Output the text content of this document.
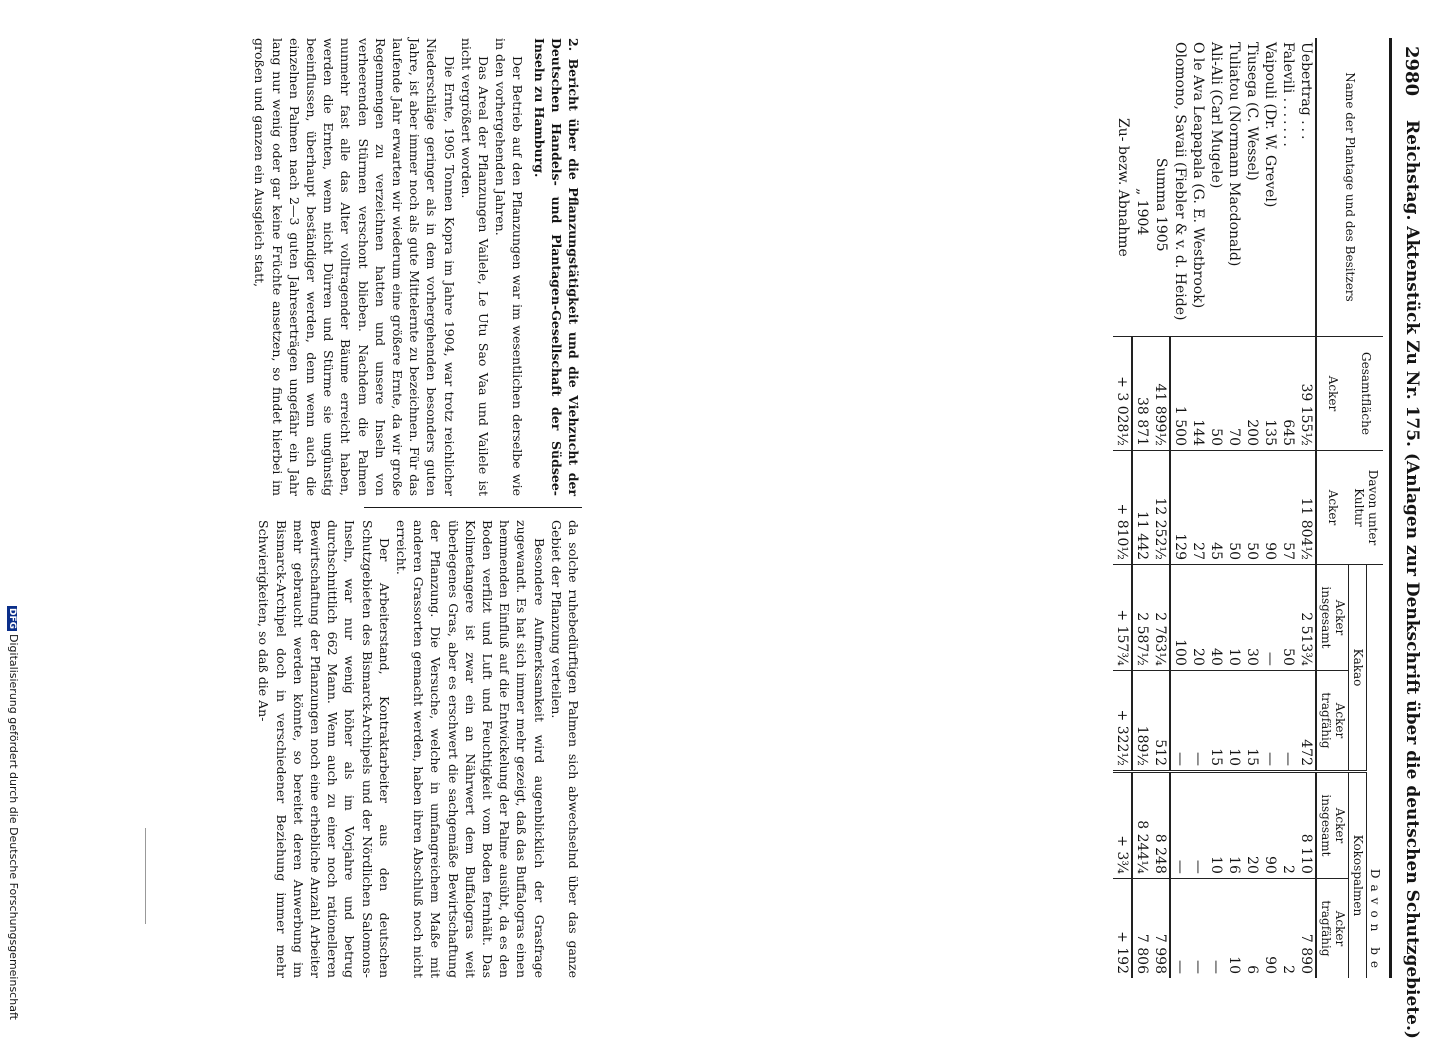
2980
Reichstag. Aktenstück Zu Nr. 175. (Anlagen zur Denkschrift über die deutschen Schutzgebiete.)
Name der Plantage und des Besitzers	Gesamtfläche	Davon unter Kultur	Davon be			
			Kakao		Kokospalmen	
	Acker	Acker	Acker insgesamt	Acker tragfähig	Acker insgesamt	Acker tragfähig
Uebertrag ...	39 155½	11 804½	2 513¾	472	8 110	7 890
Falevili .......	645	57	50	—	2	2
Vaipouli (Dr. W. Grevel)	135	90	—	—	90	90
Tiusega (C. Wessel)	200	50	30	15	20	6
Tuliatou (Normann Macdonald)	70	50	10	10	16	10
Ali-Ali (Carl Mugele)	50	45	40	15	10	—
O le Ava Leapapala (G. E. Westbrook)	144	27	20	—	—	—
Olomono, Savaii (Fiebler & v. d. Heide)	1 500	129	100	—	—	—
Summa 1905	41 899½	12 252½	2 763¼	512	8 248	7 998
„ 1904	38 871	11 442	2 587½	189½	8 244¼	7 806
Zu- bezw. Abnahme	+ 3 028½	+ 810½	+ 157¾	+ 322½	+ 3¾	+ 192
2. Bericht über die Pflanzungstätigkeit und die Viehzucht der Deutschen Handels- und Plantagen-Gesellschaft der Südsee-Inseln zu Hamburg.

Der Betrieb auf den Pflanzungen war im wesentlichen derselbe wie in den vorhergehenden Jahren.

Das Areal der Pflanzungen Vailele, Le Utu Sao Vaa und Vailele ist nicht vergrößert worden.

Die Ernte, 1905 Tonnen Kopra im Jahre 1904, war trotz reichlicher Niederschläge geringer als in dem vorhergehenden besonders guten Jahre, ist aber immer noch als gute Mittelernte zu bezeichnen. Für das laufende Jahr erwarten wir wiederum eine größere Ernte, da wir große Regenmengen zu verzeichnen hatten und unsere Inseln von verheerenden Stürmen verschont blieben. Nachdem die Palmen nunmehr fast alle das Alter volltragender Bäume erreicht haben, werden die Ernten, wenn nicht Dürren und Stürme sie ungünstig beeinflussen, überhaupt beständiger werden, denn wenn auch die einzelnen Palmen nach 2—3 guten Jahreserträgen ungefähr ein Jahr lang nur wenig oder gar keine Früchte ansetzen, so findet hierbei im großen und ganzen ein Ausgleich statt,

da solche ruhebedürftigen Palmen sich abwechselnd über das ganze Gebiet der Pflanzung verteilen.

Besondere Aufmerksamkeit wird augenblicklich der Grasfrage zugewandt. Es hat sich immer mehr gezeigt, daß das Buffalogras einen hemmenden Einfluß auf die Entwickelung der Palme ausübt, da es den Boden verfilzt und Luft und Feuchtigkeit vom Boden fernhält. Das Kolimetangere ist zwar ein an Nährwert dem Buffalogras weit überlegenes Gras, aber es erschwert die sachgemäße Bewirtschaftung der Pflanzung. Die Versuche, welche in umfangreichem Maße mit anderen Grassorten gemacht werden, haben ihren Abschluß noch nicht erreicht.

Der Arbeiterstand, Kontraktarbeiter aus den deutschen Schutzgebieten des Bismarck-Archipels und der Nördlichen Salomons-Inseln, war nur wenig höher als im Vorjahre und betrug durchschnittlich 662 Mann. Wenn auch zu einer noch rationelleren Bewirtschaftung der Pflanzungen noch eine erhebliche Anzahl Arbeiter mehr gebraucht werden könnte, so bereitet deren Anwerbung im Bismarck-Archipel doch in verschiedener Beziehung immer mehr Schwierigkeiten, so daß die An-

DFGDigitalisierung gefördert durch die Deutsche Forschungsgemeinschaft
